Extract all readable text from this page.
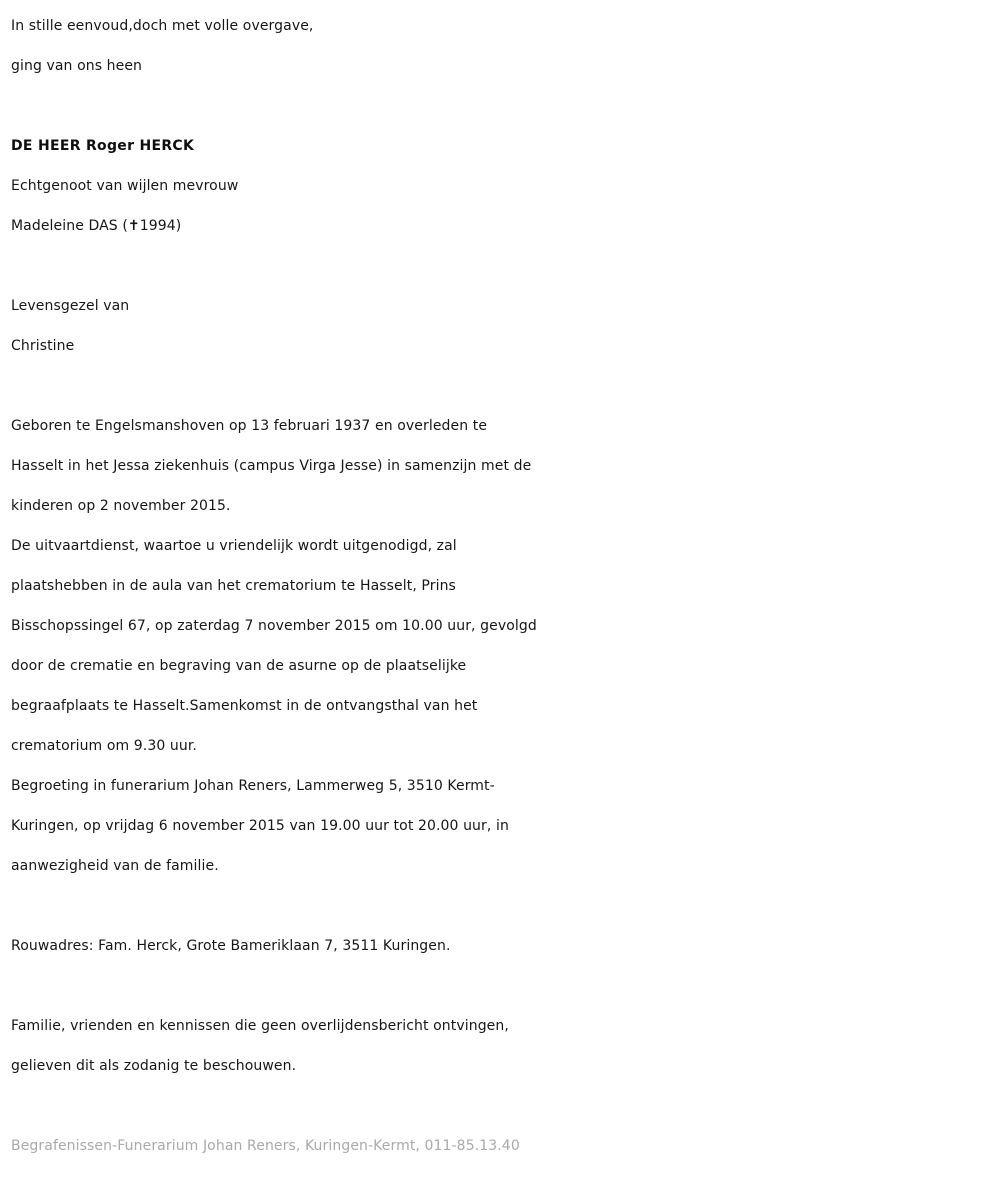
In stille eenvoud,doch met volle overgave,
ging van ons heen
DE HEER Roger HERCK
Echtgenoot van wijlen mevrouw
Madeleine DAS (✝1994)
Levensgezel van
Christine
Geboren te Engelsmanshoven op 13 februari 1937 en overleden te
Hasselt in het Jessa ziekenhuis (campus Virga Jesse) in samenzijn met de
kinderen op 2 november 2015.
De uitvaartdienst, waartoe u vriendelijk wordt uitgenodigd, zal
plaatshebben in de aula van het crematorium te Hasselt, Prins
Bisschopssingel 67, op zaterdag 7 november 2015 om 10.00 uur, gevolgd
door de crematie en begraving van de asurne op de plaatselijke
begraafplaats te Hasselt.Samenkomst in de ontvangsthal van het
crematorium om 9.30 uur.
Begroeting in funerarium Johan Reners, Lammerweg 5, 3510 Kermt-
Kuringen, op vrijdag 6 november 2015 van 19.00 uur tot 20.00 uur, in
aanwezigheid van de familie.
Rouwadres: Fam. Herck, Grote Bameriklaan 7, 3511 Kuringen.
Familie, vrienden en kennissen die geen overlijdensbericht ontvingen,
gelieven dit als zodanig te beschouwen.
Begrafenissen-Funerarium Johan Reners, Kuringen-Kermt, 011-85.13.40
